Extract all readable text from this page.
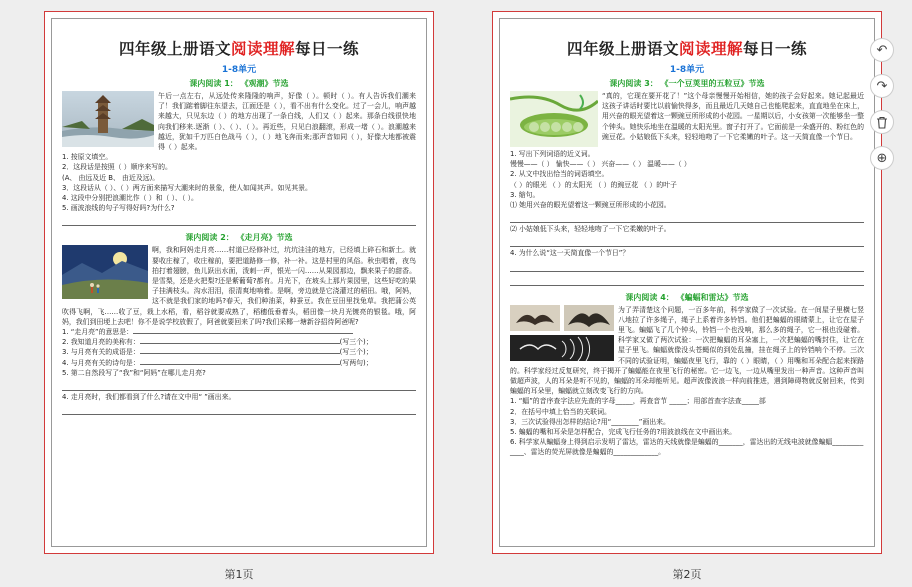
四年级上册语文阅读理解每日一练
1-8单元
课内阅读 1： 《观潮》节选

午后一点左右，从远处传来隆隆的响声，好像（ ）。顿时（ ）。有人告诉我们潮来了！我们踮着脚往东望去，江面还是（ ），看不出有什么变化。过了一会儿，响声越来越大，只见东边（ ）的地方出现了一条白线，人们又（ ）起来。那条白线很快地向我们移来.逐渐（ ）、（ ）、（ ）。再近些，只见白浪翻滚，形成一堵（ ）。浪潮越来越近，犹如千万匹白色战马（ ），（ ）地飞奔而来;那声音如同（ ），好像大地都被震得（ ）起来。

1. 按原文填空。

2．这段话是按照（ ）顺序来写的。

(A、 由远及近 B、 由近及远)。

3．这段话从（ ）、（ ）两方面来描写大潮来时的景象，使人如闻其声。如见其景。

4. 这段中分别把浪潮比作（ ）和（ ）、（ ）。

5. 画波浪线的句子写得好吗?为什么?

课内阅读 2： 《走月亮》节选

啊，我和阿妈走月亮……村道已经修补过，坑坑洼洼的地方，已经填上碎石和新土。就要收庄稼了，收庄稼前，要把道路修一修，补一补。这是村里的风俗。秋虫唱着，夜鸟拍打着翅膀，鱼儿跃出水面，泼刺一声，银光一闪……从果园那边，飘来果子的甜香。是雪梨，还是火把梨?还是紫葡萄?都有。月光下，在坡头上那片果园里，这些好吃的果子挂满枝头。沟水泪泪，很清爽地响着。是啊，旁边就是它浇灌过的稻田。哦，阿妈，这不就是我们家的地吗?春天，我们种油菜，种蚕豆。我在豆田里找兔草。我把蒲公英吹得飞啊，飞……收了豆，栽上水稻，看，稻谷就要成熟了，稻穗低垂着头，稻田像一块月光镀亮的银毯。哦，阿妈，我们到田埂上去吧！你不是说学校放假了，阿爸就要回来了吗?我们采椰一塘新谷招待阿爸呢?

1. “走月亮”的意思是：

2. 我知道月亮的美称有：	(写三个)；

3. 与月亮有关的成语是：	(写三个)；

4. 与月亮有关的诗句是：	(写两句)；

5. 第二自然段写了“我”和“阿妈”在哪儿走月亮?

4. 走月亮时，我们都看到了什么?请在文中用“ ”画出来。

第1页
四年级上册语文阅读理解每日一练
1-8单元
课内阅读 3： 《一个豆荚里的五粒豆》节选

“真的，它现在要开花了！”这个母亲慢慢开始相信，她的孩子会好起来。她记起最近这孩子讲话时要比以前愉快得多，而且最近几天她自己也能爬起来，直直地坐在床上，用兴奋的眼光望着这一颗豌豆所形成的小花园。一星期以后，小女孩第一次能够坐一整个钟头。她快乐地坐在温暖的太阳光里。窗子打开了。它面前是一朵盛开的、粉红色的豌豆花。小姑娘低下头来，轻轻地吻了一下它柔嫩的叶子。这一天简直像一个节日。

1. 写出下列词语的近义词。

慢慢——（ ） 愉快——（ ） 兴奋——（ ） 温暖——（ ）

2. 从文中找出恰当的词语填空。

（ ）的眼光 （ ）的太阳光 （ ）的豌豆花 （ ）的叶子

3. 缩句。

⑴ 她用兴奋的眼光望着这一颗豌豆所形成的小花园。

⑵ 小姑娘低下头来，轻轻地吻了一下它柔嫩的叶子。

4. 为什么说“这一天简直像一个节日”？

课内阅读 4： 《蝙蝠和雷达》节选

为了弄清楚这个问题，一百多年前，科学家做了一次试验。在一间屋子里横七竖八地拉了许多绳子，绳子上系着许多铃铛。他们把蝙蝠的眼睛蒙上，让它在屋子里飞。蝙蝠飞了几个钟头，铃铛一个也没响，那么多的绳子，它一根也没碰着。科学家又做了两次试验：一次把蝙蝠的耳朵塞上，一次把蝙蝠的嘴封住，让它在屋子里飞。蝙蝠就像没头苍蝇似的到处乱撞，挂在绳子上的铃铛响个不停。三次不同的试验证明，蝙蝠夜里飞行，靠的（ ）眼睛，（ ）用嘴和耳朵配合起来探路的。科学家经过反复研究，终于揭开了蝙蝠能在夜里飞行的秘密。它一边飞，一边从嘴里发出一种声音。这种声音叫做超声波，人的耳朵是听不见的，蝙蝠的耳朵却能听见。超声波像波浪一样向前推进，遇到障碍物就反射回来，传到蝙蝠的耳朵里，蝙蝠就立刻改变飞行的方向。

1. “蝠”的音序查字法应先查的字母_____，再查音节 _____；用部首查字法查_____部

2．在括号中填上恰当的关联词。

3．三次试验得出怎样的结论?用“________”画出来。

5. 蝙蝠的嘴和耳朵是怎样配合，完成飞行任务的?用波浪线在文中画出来。

6. 科学家从蝙蝠身上得到启示发明了雷达，雷达的天线就像是蝙蝠的_______，雷达出的无线电波就像蝙蝠_____________、雷达的荧光屏就像是蝙蝠的_____________。

第2页
↶
↷
⊕
